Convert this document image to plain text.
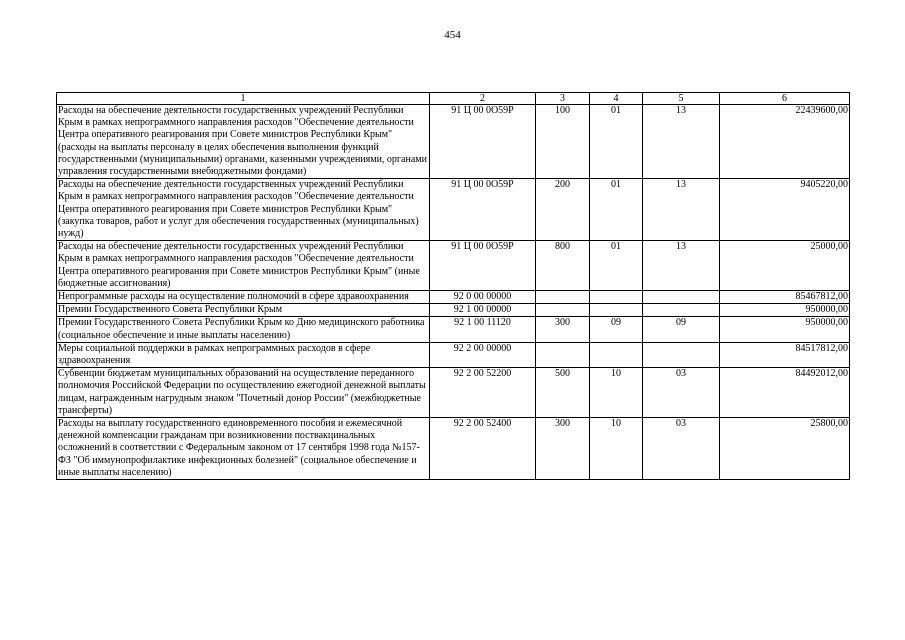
454
1	2	3	4	5	6
Расходы на обеспечение деятельности государственных учреждений Республики Крым в рамках непрограммного направления расходов "Обеспечение деятельности Центра оперативного реагирования при Совете министров Республики Крым" (расходы на выплаты персоналу в целях обеспечения выполнения функций государственными (муниципальными) органами, казенными учреждениями, органами управления государственными внебюджетными фондами)	91 Ц 00 0О59Р	100	01	13	22439600,00
Расходы на обеспечение деятельности государственных учреждений Республики Крым в рамках непрограммного направления расходов "Обеспечение деятельности Центра оперативного реагирования при Совете министров Республики Крым" (закупка товаров, работ и услуг для обеспечения государственных (муниципальных) нужд)	91 Ц 00 0О59Р	200	01	13	9405220,00
Расходы на обеспечение деятельности государственных учреждений Республики Крым в рамках непрограммного направления расходов "Обеспечение деятельности Центра оперативного реагирования при Совете министров Республики Крым" (иные бюджетные ассигнования)	91 Ц 00 0О59Р	800	01	13	25000,00
Непрограммные расходы на осуществление полномочий в сфере здравоохранения	92 0 00 00000				85467812,00
Премии Государственного Совета Республики Крым	92 1 00 00000				950000,00
Премии Государственного Совета Республики Крым ко Дню медицинского работника (социальное обеспечение и иные выплаты населению)	92 1 00 11120	300	09	09	950000,00
Меры социальной поддержки в рамках непрограммных расходов в сфере здравоохранения	92 2 00 00000				84517812,00
Субвенции бюджетам муниципальных образований на осуществление переданного полномочия Российской Федерации по осуществлению ежегодной денежной выплаты лицам, награжденным нагрудным знаком "Почетный донор России" (межбюджетные трансферты)	92 2 00 52200	500	10	03	84492012,00
Расходы на выплату государственного единовременного пособия и ежемесячной денежной компенсации гражданам при возникновении поствакцинальных осложнений в соответствии с Федеральным законом от 17 сентября 1998 года №157-ФЗ "Об иммунопрофилактике инфекционных болезней" (социальное обеспечение и иные выплаты населению)	92 2 00 52400	300	10	03	25800,00
